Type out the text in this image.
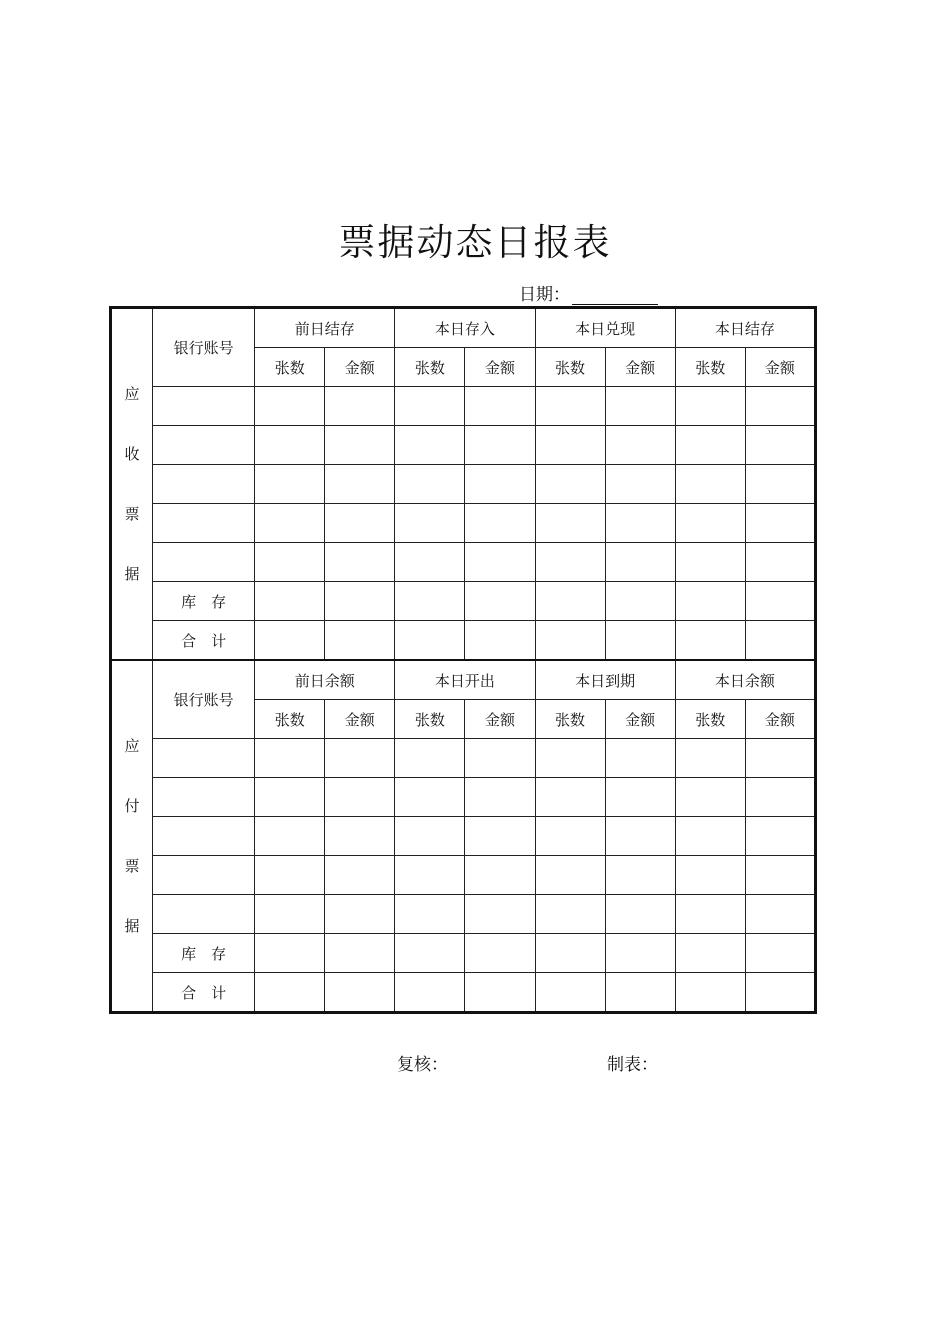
票据动态日报表
日期：
应
收
票
据	银行账号	前日结存		本日存入		本日兑现		本日结存	
		张数	金额	张数	金额	张数	金额	张数	金额

	库　存								
	合　计								

应
付
票
据	银行账号	前日余额		本日开出		本日到期		本日余额	
		张数	金额	张数	金额	张数	金额	张数	金额

	库　存								
	合　计								
复核：	制表：
